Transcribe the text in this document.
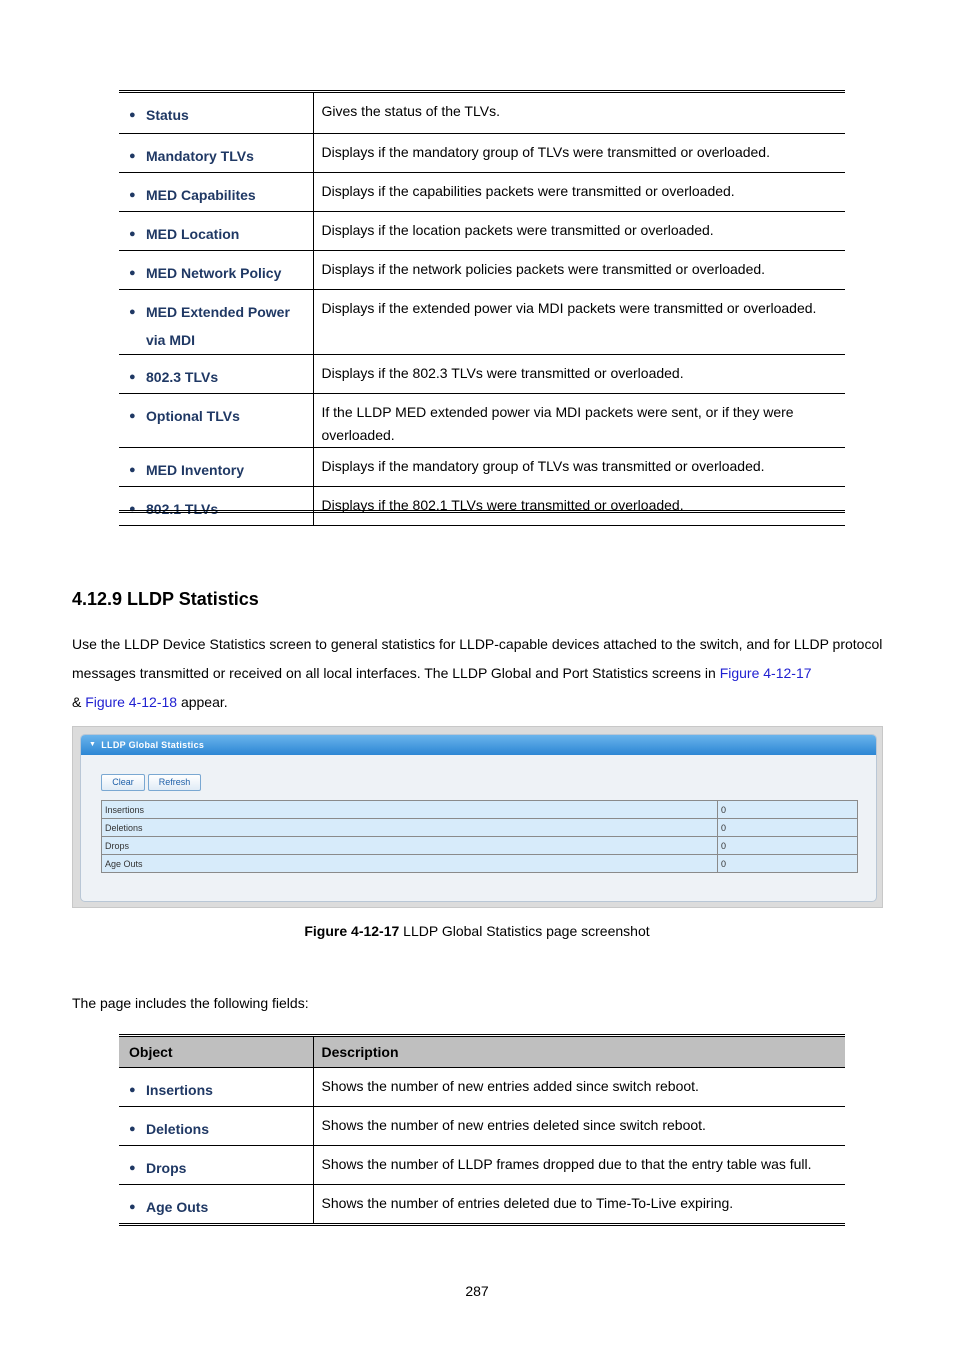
● Status	Gives the status of the TLVs.

● Mandatory TLVs	Displays if the mandatory group of TLVs were transmitted or overloaded.

● MED Capabilites	Displays if the capabilities packets were transmitted or overloaded.

● MED Location	Displays if the location packets were transmitted or overloaded.

● MED Network Policy	Displays if the network policies packets were transmitted or overloaded.

● MED Extended Power via MDI	Displays if the extended power via MDI packets were transmitted or overloaded.

● 802.3 TLVs	Displays if the 802.3 TLVs were transmitted or overloaded.

● Optional TLVs	If the LLDP MED extended power via MDI packets were sent, or if they were overloaded.

● MED Inventory	Displays if the mandatory group of TLVs was transmitted or overloaded.

● 802.1 TLVs	Displays if the 802.1 TLVs were transmitted or overloaded.
4.12.9 LLDP Statistics

Use the LLDP Device Statistics screen to general statistics for LLDP-capable devices attached to the switch, and for LLDP protocol messages transmitted or received on all local interfaces. The LLDP Global and Port Statistics screens in Figure 4-12-17
& Figure 4-12-18 appear.

▼ LLDP Global Statistics
Clear	Refresh
Insertions	0
Deletions	0
Drops	0
Age Outs	0
Figure 4-12-17 LLDP Global Statistics page screenshot

The page includes the following fields:

Object	Description

● Insertions	Shows the number of new entries added since switch reboot.

● Deletions	Shows the number of new entries deleted since switch reboot.

● Drops	Shows the number of LLDP frames dropped due to that the entry table was full.

● Age Outs	Shows the number of entries deleted due to Time-To-Live expiring.
287
